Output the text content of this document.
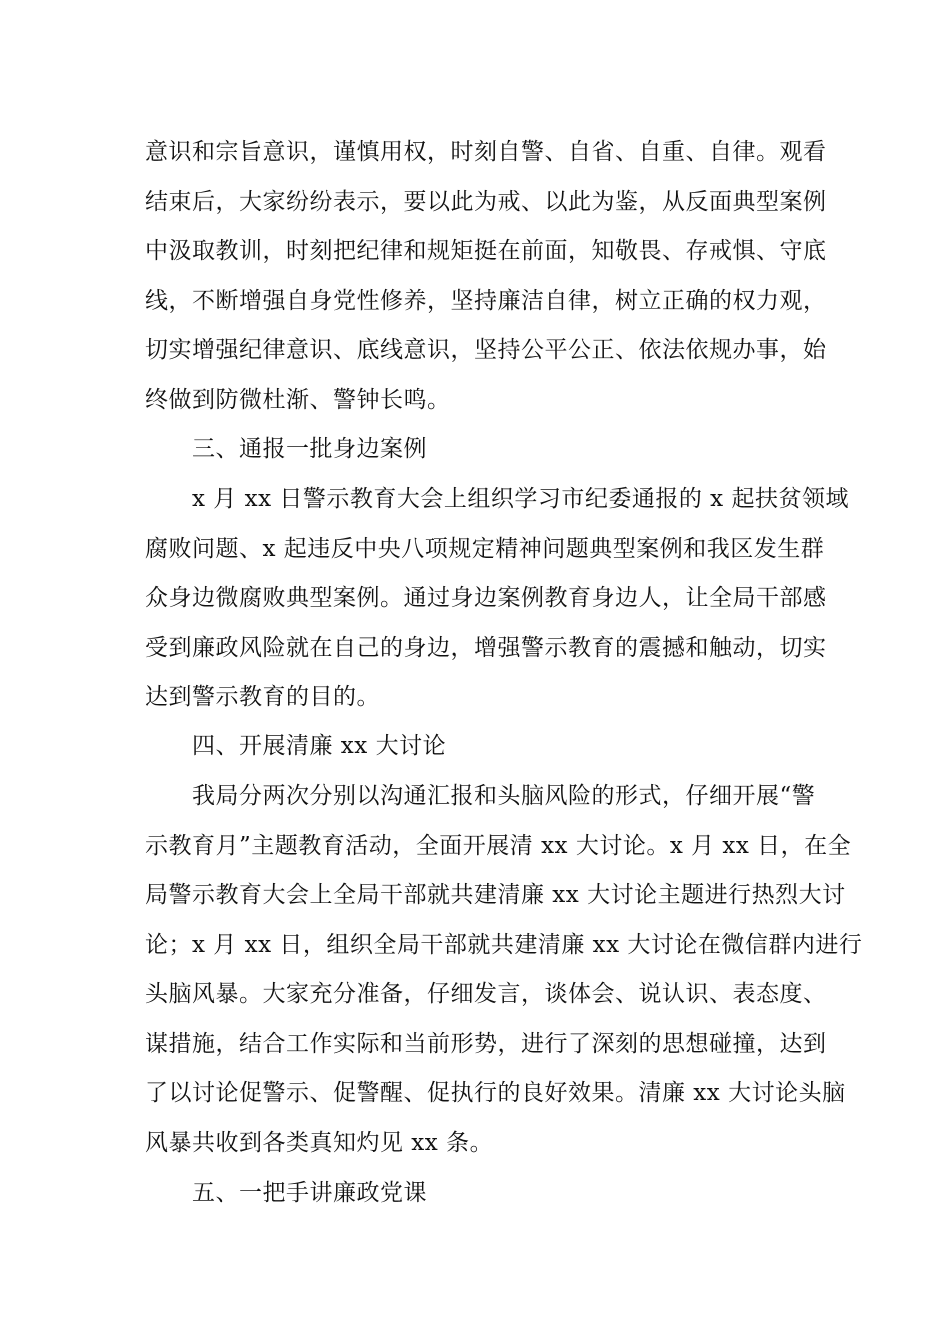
意识和宗旨意识，谨慎用权，时刻自警、自省、自重、自律。观看
结束后，大家纷纷表示，要以此为戒、以此为鉴，从反面典型案例
中汲取教训，时刻把纪律和规矩挺在前面，知敬畏、存戒惧、守底
线，不断增强自身党性修养，坚持廉洁自律，树立正确的权力观，
切实增强纪律意识、底线意识，坚持公平公正、依法依规办事，始
终做到防微杜渐、警钟长鸣。
三、通报一批身边案例
x 月 xx 日警示教育大会上组织学习市纪委通报的 x 起扶贫领域
腐败问题、x 起违反中央八项规定精神问题典型案例和我区发生群
众身边微腐败典型案例。通过身边案例教育身边人，让全局干部感
受到廉政风险就在自己的身边，增强警示教育的震撼和触动，切实
达到警示教育的目的。
四、开展清廉 xx 大讨论
我局分两次分别以沟通汇报和头脑风险的形式，仔细开展“警
示教育月”主题教育活动，全面开展清 xx 大讨论。x 月 xx 日，在全
局警示教育大会上全局干部就共建清廉 xx 大讨论主题进行热烈大讨
论；x 月 xx 日，组织全局干部就共建清廉 xx 大讨论在微信群内进行
头脑风暴。大家充分准备，仔细发言，谈体会、说认识、表态度、
谋措施，结合工作实际和当前形势，进行了深刻的思想碰撞，达到
了以讨论促警示、促警醒、促执行的良好效果。清廉 xx 大讨论头脑
风暴共收到各类真知灼见 xx 条。
五、一把手讲廉政党课
